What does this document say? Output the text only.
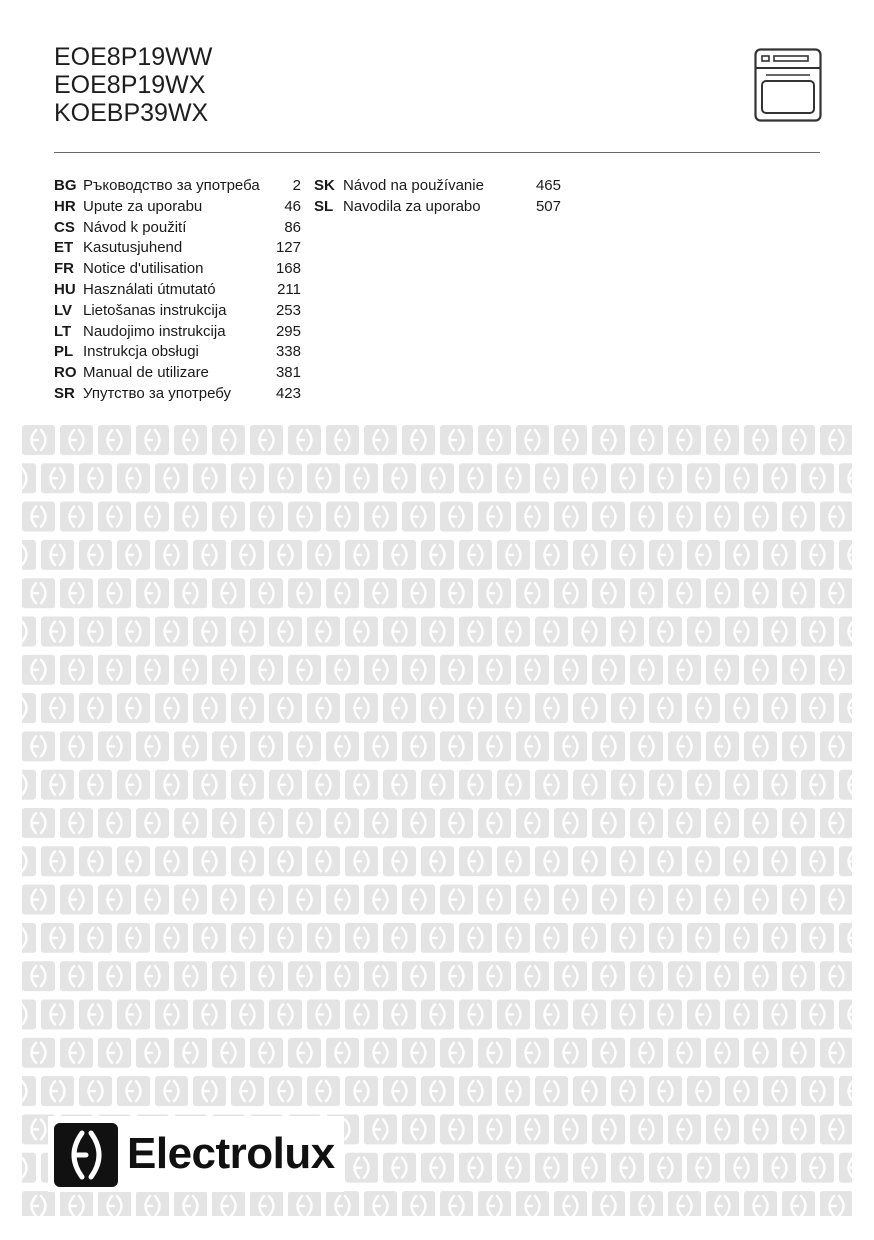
EOE8P19WW
EOE8P19WX
KOEBP39WX
BG Ръководство за употреба	2
HR Upute za uporabu	46
CS Návod k použití	86
ET Kasutusjuhend	127
FR Notice d'utilisation	168
HU Használati útmutató	211
LV Lietošanas instrukcija	253
LT Naudojimo instrukcija	295
PL Instrukcja obsługi	338
RO Manual de utilizare	381
SR Упутство за употребу	423
SK Návod na používanie	465
SL Navodila za uporabo	507
Electrolux
